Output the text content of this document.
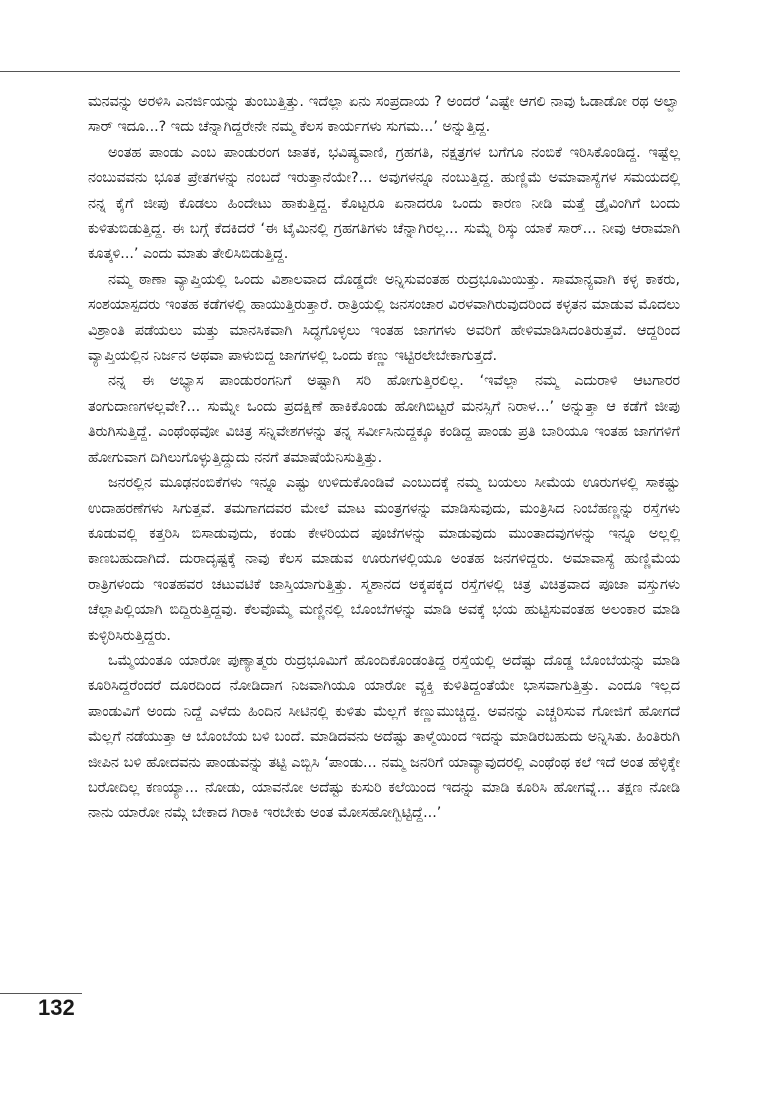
ಮನವನ್ನು ಅರಳಿಸಿ ಎನರ್ಜಿಯನ್ನು ತುಂಬುತ್ತಿತ್ತು. ಇದೆಲ್ಲಾ ಏನು ಸಂಪ್ರದಾಯ ? ಅಂದರೆ ‘ಎಷ್ಟೇ ಆಗಲಿ ನಾವು ಓಡಾಡೋ ರಥ ಅಲ್ವಾ ಸಾರ್ ಇದೂ...? ಇದು ಚೆನ್ನಾಗಿದ್ದರೇನೇ ನಮ್ಮ ಕೆಲಸ ಕಾರ್ಯಗಳು ಸುಗಮ...’ ಅನ್ನುತ್ತಿದ್ದ.

ಅಂತಹ ಪಾಂಡು ಎಂಬ ಪಾಂಡುರಂಗ ಜಾತಕ, ಭವಿಷ್ಯವಾಣಿ, ಗ್ರಹಗತಿ, ನಕ್ಷತ್ರಗಳ ಬಗೆಗೂ ನಂಬಿಕೆ ಇರಿಸಿಕೊಂಡಿದ್ದ. ಇಷ್ಟೆಲ್ಲ ನಂಬುವವನು ಭೂತ ಪ್ರೇತಗಳನ್ನು ನಂಬದೆ ಇರುತ್ತಾನೆಯೇ?... ಅವುಗಳನ್ನೂ ನಂಬುತ್ತಿದ್ದ. ಹುಣ್ಣಿಮೆ ಅಮಾವಾಸ್ಯೆಗಳ ಸಮಯದಲ್ಲಿ ನನ್ನ ಕೈಗೆ ಜೀಪು ಕೊಡಲು ಹಿಂದೇಟು ಹಾಕುತ್ತಿದ್ದ. ಕೊಟ್ಟರೂ ಏನಾದರೂ ಒಂದು ಕಾರಣ ನೀಡಿ ಮತ್ತೆ ಡ್ರೈವಿಂಗಿಗೆ ಬಂದು ಕುಳಿತುಬಿಡುತ್ತಿದ್ದ. ಈ ಬಗ್ಗೆ ಕೆದಕಿದರೆ ‘ಈ ಟೈಮಿನಲ್ಲಿ ಗ್ರಹಗತಿಗಳು ಚೆನ್ನಾಗಿರಲ್ಲ... ಸುಮ್ನೆ ರಿಸ್ಕು ಯಾಕೆ ಸಾರ್... ನೀವು ಆರಾಮಾಗಿ ಕೂತ್ಕಳಿ...’ ಎಂದು ಮಾತು ತೇಲಿಸಿಬಿಡುತ್ತಿದ್ದ.

ನಮ್ಮ ಠಾಣಾ ವ್ಯಾಪ್ತಿಯಲ್ಲಿ ಒಂದು ವಿಶಾಲವಾದ ದೊಡ್ಡದೇ ಅನ್ನಿಸುವಂತಹ ರುದ್ರಭೂಮಿಯಿತ್ತು. ಸಾಮಾನ್ಯವಾಗಿ ಕಳ್ಳ ಕಾಕರು, ಸಂಶಯಾಸ್ಪದರು ಇಂತಹ ಕಡೆಗಳಲ್ಲಿ ಹಾಯುತ್ತಿರುತ್ತಾರೆ. ರಾತ್ರಿಯಲ್ಲಿ ಜನಸಂಚಾರ ವಿರಳವಾಗಿರುವುದರಿಂದ ಕಳ್ಳತನ ಮಾಡುವ ಮೊದಲು ವಿಶ್ರಾಂತಿ ಪಡೆಯಲು ಮತ್ತು ಮಾನಸಿಕವಾಗಿ ಸಿದ್ಧಗೊಳ್ಳಲು ಇಂತಹ ಜಾಗಗಳು ಅವರಿಗೆ ಹೇಳಿಮಾಡಿಸಿದಂತಿರುತ್ತವೆ. ಆದ್ದರಿಂದ ವ್ಯಾಪ್ತಿಯಲ್ಲಿನ ನಿರ್ಜನ ಅಥವಾ ಪಾಳುಬಿದ್ದ ಜಾಗಗಳಲ್ಲಿ ಒಂದು ಕಣ್ಣು ಇಟ್ಟಿರಲೇಬೇಕಾಗುತ್ತದೆ.

ನನ್ನ ಈ ಅಭ್ಯಾಸ ಪಾಂಡುರಂಗನಿಗೆ ಅಷ್ಟಾಗಿ ಸರಿ ಹೋಗುತ್ತಿರಲಿಲ್ಲ. ‘ಇವೆಲ್ಲಾ ನಮ್ಮ ಎದುರಾಳಿ ಆಟಗಾರರ ತಂಗುದಾಣಗಳಲ್ಲವೇ?... ಸುಮ್ನೇ ಒಂದು ಪ್ರದಕ್ಷಿಣೆ ಹಾಕಿಕೊಂಡು ಹೋಗಿಬಿಟ್ಟರೆ ಮನಸ್ಸಿಗೆ ನಿರಾಳ...’ ಅನ್ನುತ್ತಾ ಆ ಕಡೆಗೆ ಜೀಪು ತಿರುಗಿಸುತ್ತಿದ್ದೆ. ಎಂಥೆಂಥವೋ ವಿಚಿತ್ರ ಸನ್ನಿವೇಶಗಳನ್ನು ತನ್ನ ಸರ್ವೀಸಿನುದ್ದಕ್ಕೂ ಕಂಡಿದ್ದ ಪಾಂಡು ಪ್ರತಿ ಬಾರಿಯೂ ಇಂತಹ ಜಾಗಗಳಿಗೆ ಹೋಗುವಾಗ ದಿಗಿಲುಗೊಳ್ಳುತ್ತಿದ್ದುದು ನನಗೆ ತಮಾಷೆಯೆನಿಸುತ್ತಿತ್ತು.

ಜನರಲ್ಲಿನ ಮೂಢನಂಬಿಕೆಗಳು ಇನ್ನೂ ಎಷ್ಟು ಉಳಿದುಕೊಂಡಿವೆ ಎಂಬುದಕ್ಕೆ ನಮ್ಮ ಬಯಲು ಸೀಮೆಯ ಊರುಗಳಲ್ಲಿ ಸಾಕಷ್ಟು ಉದಾಹರಣೆಗಳು ಸಿಗುತ್ತವೆ. ತಮಗಾಗದವರ ಮೇಲೆ ಮಾಟ ಮಂತ್ರಗಳನ್ನು ಮಾಡಿಸುವುದು, ಮಂತ್ರಿಸಿದ ನಿಂಬೆಹಣ್ಣನ್ನು ರಸ್ತೆಗಳು ಕೂಡುವಲ್ಲಿ ಕತ್ತರಿಸಿ ಬಿಸಾಡುವುದು, ಕಂಡು ಕೇಳರಿಯದ ಪೂಜೆಗಳನ್ನು ಮಾಡುವುದು ಮುಂತಾದವುಗಳನ್ನು ಇನ್ನೂ ಅಲ್ಲಲ್ಲಿ ಕಾಣಬಹುದಾಗಿದೆ. ದುರಾದೃಷ್ಟಕ್ಕೆ ನಾವು ಕೆಲಸ ಮಾಡುವ ಊರುಗಳಲ್ಲಿಯೂ ಅಂತಹ ಜನಗಳಿದ್ದರು. ಅಮಾವಾಸ್ಯೆ ಹುಣ್ಣಿಮೆಯ ರಾತ್ರಿಗಳಂದು ಇಂತಹವರ ಚಟುವಟಿಕೆ ಜಾಸ್ತಿಯಾಗುತ್ತಿತ್ತು. ಸ್ಮಶಾನದ ಅಕ್ಕಪಕ್ಕದ ರಸ್ತೆಗಳಲ್ಲಿ ಚಿತ್ರ ವಿಚಿತ್ರವಾದ ಪೂಜಾ ವಸ್ತುಗಳು ಚೆಲ್ಲಾಪಿಲ್ಲಿಯಾಗಿ ಬಿದ್ದಿರುತ್ತಿದ್ದವು. ಕೆಲವೊಮ್ಮೆ ಮಣ್ಣಿನಲ್ಲಿ ಬೊಂಬೆಗಳನ್ನು ಮಾಡಿ ಅವಕ್ಕೆ ಭಯ ಹುಟ್ಟಿಸುವಂತಹ ಅಲಂಕಾರ ಮಾಡಿ ಕುಳ್ಳಿರಿಸಿರುತ್ತಿದ್ದರು.

ಒಮ್ಮೆಯಂತೂ ಯಾರೋ ಪುಣ್ಯಾತ್ಮರು ರುದ್ರಭೂಮಿಗೆ ಹೊಂದಿಕೊಂಡಂತಿದ್ದ ರಸ್ತೆಯಲ್ಲಿ ಅದೆಷ್ಟು ದೊಡ್ಡ ಬೊಂಬೆಯನ್ನು ಮಾಡಿ ಕೂರಿಸಿದ್ದರೆಂದರೆ ದೂರದಿಂದ ನೋಡಿದಾಗ ನಿಜವಾಗಿಯೂ ಯಾರೋ ವ್ಯಕ್ತಿ ಕುಳಿತಿದ್ದಂತೆಯೇ ಭಾಸವಾಗುತ್ತಿತ್ತು. ಎಂದೂ ಇಲ್ಲದ ಪಾಂಡುವಿಗೆ ಅಂದು ನಿದ್ದೆ ಎಳೆದು ಹಿಂದಿನ ಸೀಟಿನಲ್ಲಿ ಕುಳಿತು ಮೆಲ್ಲಗೆ ಕಣ್ಣುಮುಚ್ಚಿದ್ದ. ಅವನನ್ನು ಎಚ್ಚರಿಸುವ ಗೋಜಿಗೆ ಹೋಗದೆ ಮೆಲ್ಲಗೆ ನಡೆಯುತ್ತಾ ಆ ಬೊಂಬೆಯ ಬಳಿ ಬಂದೆ. ಮಾಡಿದವನು ಅದೆಷ್ಟು ತಾಳ್ಮೆಯಿಂದ ಇದನ್ನು ಮಾಡಿರಬಹುದು ಅನ್ನಿಸಿತು. ಹಿಂತಿರುಗಿ ಜೀಪಿನ ಬಳಿ ಹೋದವನು ಪಾಂಡುವನ್ನು ತಟ್ಟಿ ಎಬ್ಬಿಸಿ ‘ಪಾಂಡು... ನಮ್ಮ ಜನರಿಗೆ ಯಾವ್ಯಾವುದರಲ್ಲಿ ಎಂಥೆಂಥ ಕಲೆ ಇದೆ ಅಂತ ಹೆಳ್ಳಿಕ್ಕೇ ಬರೋದಿಲ್ಲ ಕಣಯ್ಯಾ... ನೋಡು, ಯಾವನೋ ಅದೆಷ್ಟು ಕುಸುರಿ ಕಲೆಯಿಂದ ಇದನ್ನು ಮಾಡಿ ಕೂರಿಸಿ ಹೋಗವ್ನೆ... ತಕ್ಷಣ ನೋಡಿ ನಾನು ಯಾರೋ ನಮ್ಗೆ ಬೇಕಾದ ಗಿರಾಕಿ ಇರಬೇಕು ಅಂತ ಮೋಸಹೋಗ್ಬಿಟ್ಟಿದ್ದೆ...’

132
